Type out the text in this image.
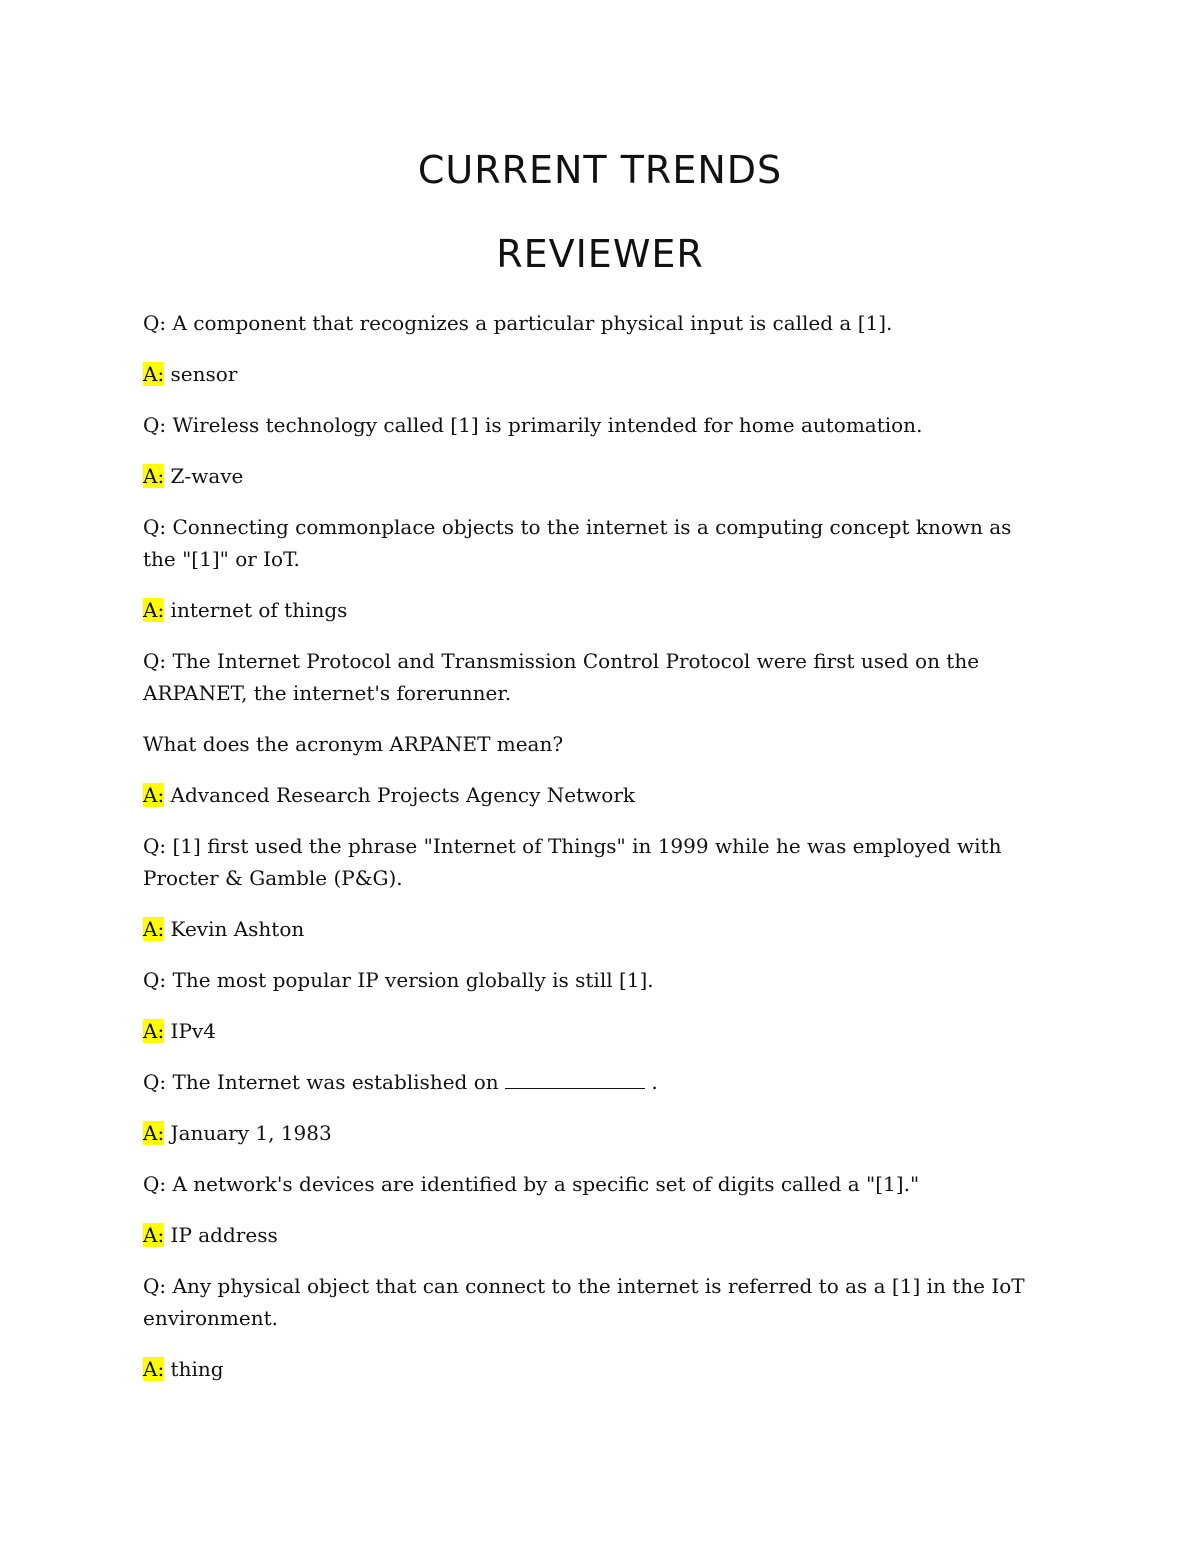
CURRENT TRENDS
REVIEWER

Q: A component that recognizes a particular physical input is called a [1].

A: sensor

Q: Wireless technology called [1] is primarily intended for home automation.

A: Z-wave

Q: Connecting commonplace objects to the internet is a computing concept known as the "[1]" or IoT.

A: internet of things

Q: The Internet Protocol and Transmission Control Protocol were first used on the ARPANET, the internet's forerunner.

What does the acronym ARPANET mean?

A: Advanced Research Projects Agency Network

Q: [1] first used the phrase "Internet of Things" in 1999 while he was employed with Procter & Gamble (P&G).

A: Kevin Ashton

Q: The most popular IP version globally is still [1].

A: IPv4

Q: The Internet was established on	.

A: January 1, 1983

Q: A network's devices are identified by a specific set of digits called a "[1]."

A: IP address

Q: Any physical object that can connect to the internet is referred to as a [1] in the IoT environment.

A: thing
